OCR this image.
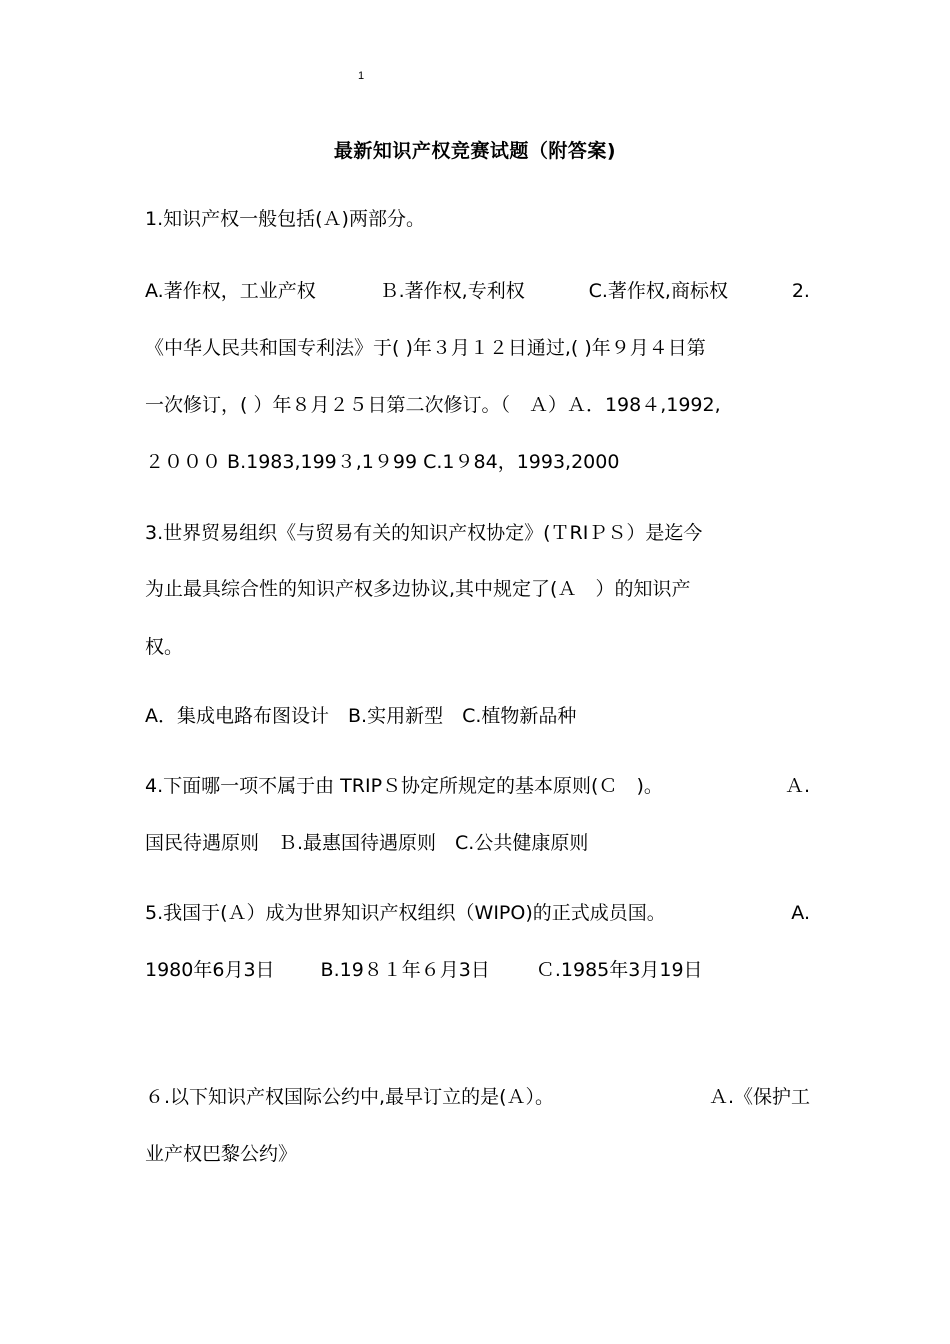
1
最新知识产权竞赛试题（附答案)
1.知识产权一般包括(Ａ)两部分。
A.著作权，工业产权	Ｂ.著作权,专利权	C.著作权,商标权	2.
《中华人民共和国专利法》于( )年３月１２日通过,( )年９月４日第
一次修订，( ）年８月２５日第二次修订。（　Ａ）Ａ．198４,1992,
２０００ B.1983,199３,1９99 C.1９84，1993,2000
3.世界贸易组织《与贸易有关的知识产权协定》(ＴRIＰＳ）是迄今
为止最具综合性的知识产权多边协议,其中规定了(Ａ　）的知识产
权。
A．集成电路布图设计　B.实用新型　C.植物新品种
4.下面哪一项不属于由 TRIPＳ协定所规定的基本原则(Ｃ　)。	Ａ.
国民待遇原则　Ｂ.最惠国待遇原则　C.公共健康原则
5.我国于(Ａ）成为世界知识产权组织（WIPO)的正式成员国。	A.
1980年6月3日 B.19８１年６月3日 Ｃ.1985年3月19日
６.以下知识产权国际公约中,最早订立的是(Ａ）。	Ａ.《保护工
业产权巴黎公约》
